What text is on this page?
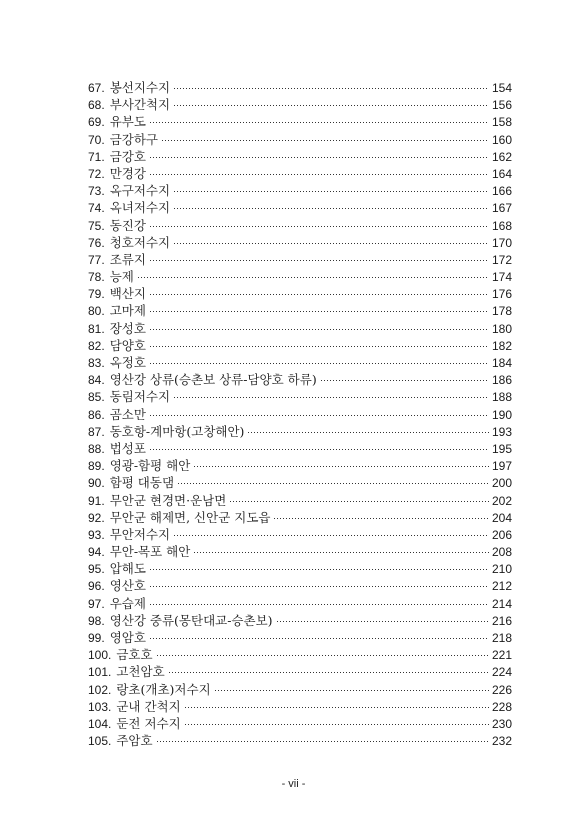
67. 봉선지수지	154
68. 부사간척지	156
69. 유부도	158
70. 금강하구	160
71. 금강호	162
72. 만경강	164
73. 옥구저수지	166
74. 옥녀저수지	167
75. 동진강	168
76. 청호저수지	170
77. 조류지	172
78. 능제	174
79. 백산지	176
80. 고마제	178
81. 장성호	180
82. 담양호	182
83. 옥정호	184
84. 영산강 상류(승촌보 상류-담양호 하류)	186
85. 동림저수지	188
86. 곰소만	190
87. 동호항-계마항(고창해안)	193
88. 법성포	195
89. 영광-함평 해안	197
90. 함평 대동댐	200
91. 무안군 현경면·운남면	202
92. 무안군 해제면, 신안군 지도읍	204
93. 무안저수지	206
94. 무안-목포 해안	208
95. 압해도	210
96. 영산호	212
97. 우습제	214
98. 영산강 중류(몽탄대교-승촌보)	216
99. 영암호	218
100. 금호호	221
101. 고천암호	224
102. 랑초(개초)저수지	226
103. 군내 간척지	228
104. 둔전 저수지	230
105. 주암호	232
- vii -
